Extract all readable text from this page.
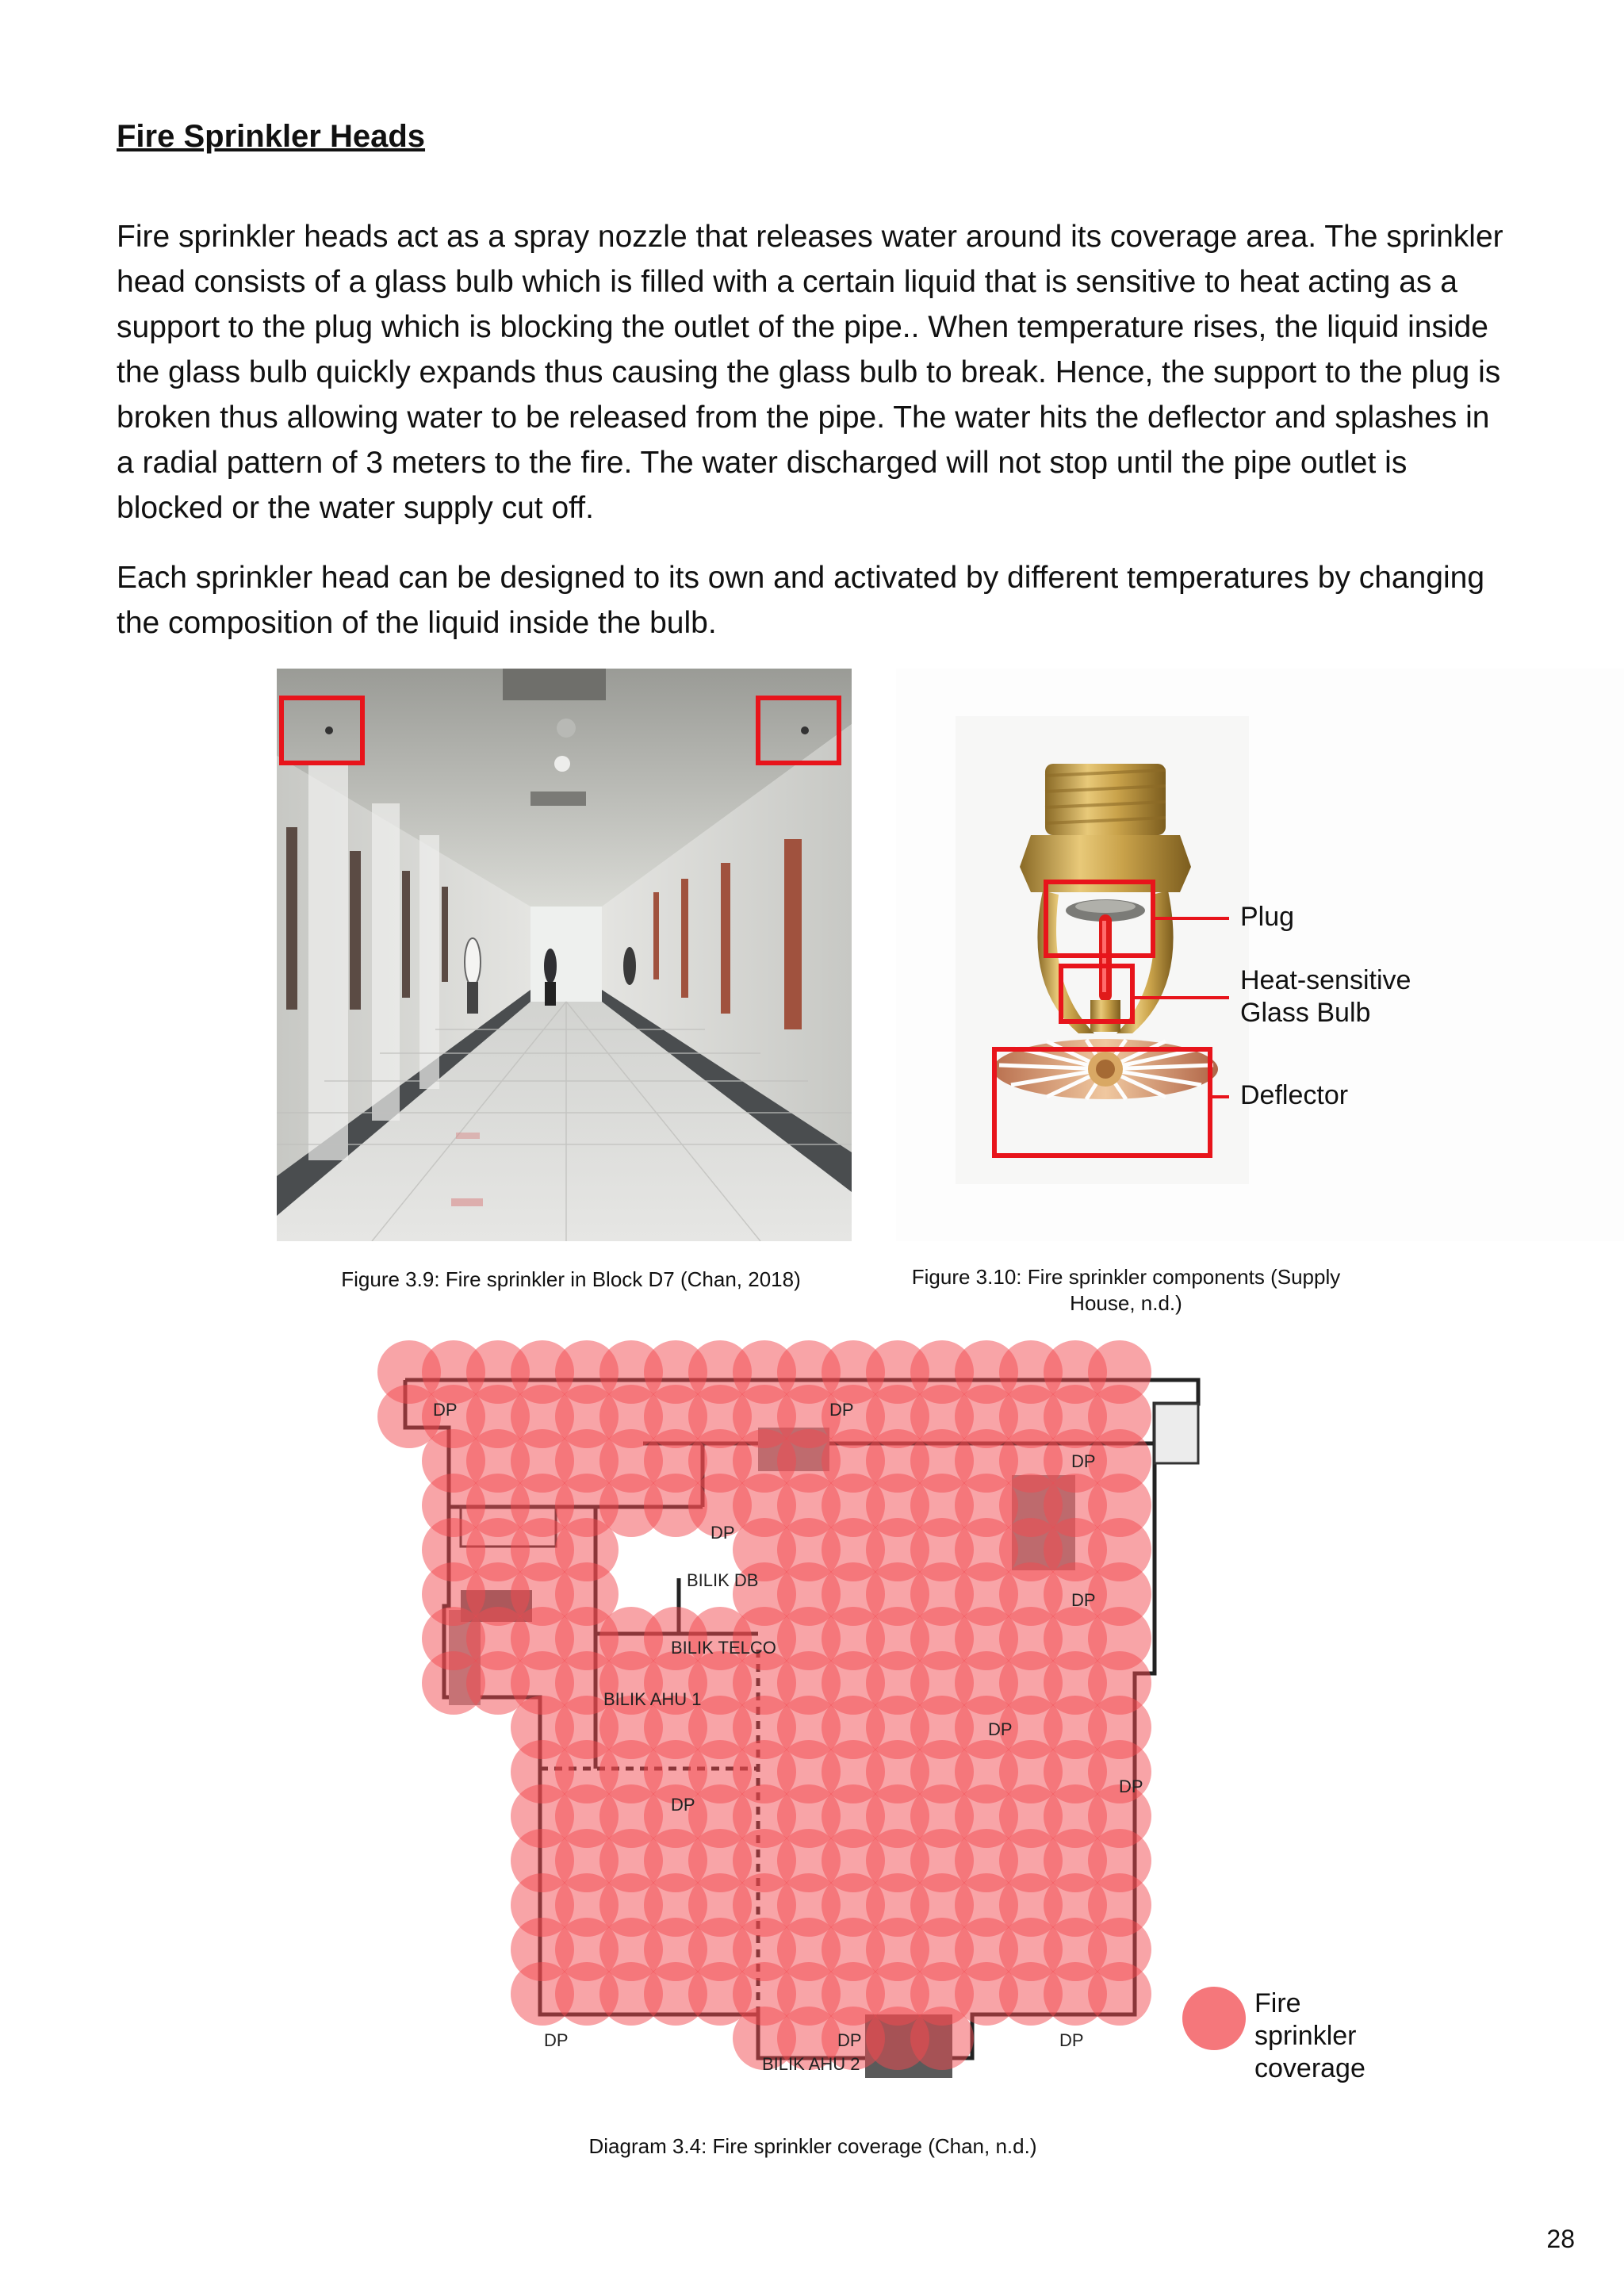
Fire Sprinkler Heads
Fire sprinkler heads act as a spray nozzle that releases water around its coverage area. The sprinkler head consists of a glass bulb which is filled with a certain liquid that is sensitive to heat acting as a support to the plug which is blocking the outlet of the pipe.. When temperature rises, the liquid inside the glass bulb quickly expands thus causing the glass bulb to break. Hence, the support to the plug is broken thus allowing water to be released from the pipe. The water hits the deflector and splashes in a radial pattern of 3 meters to the fire. The water discharged will not stop until the pipe outlet is blocked or the water supply cut off.
Each sprinkler head can be designed to its own and activated by different temperatures by changing the composition of the liquid inside the bulb.
Figure 3.9: Fire sprinkler in Block D7 (Chan, 2018)
Plug
Heat-sensitive Glass Bulb
Deflector
Figure 3.10: Fire sprinkler components (Supply House, n.d.)
DP	DP
DP
DP
DP
DP
DP
DP
DP	DP
DP
BILIK DB
BILIK TELCO
BILIK AHU 1
BILIK AHU 2
Fire sprinkler coverage
Diagram 3.4: Fire sprinkler coverage (Chan, n.d.)
28
